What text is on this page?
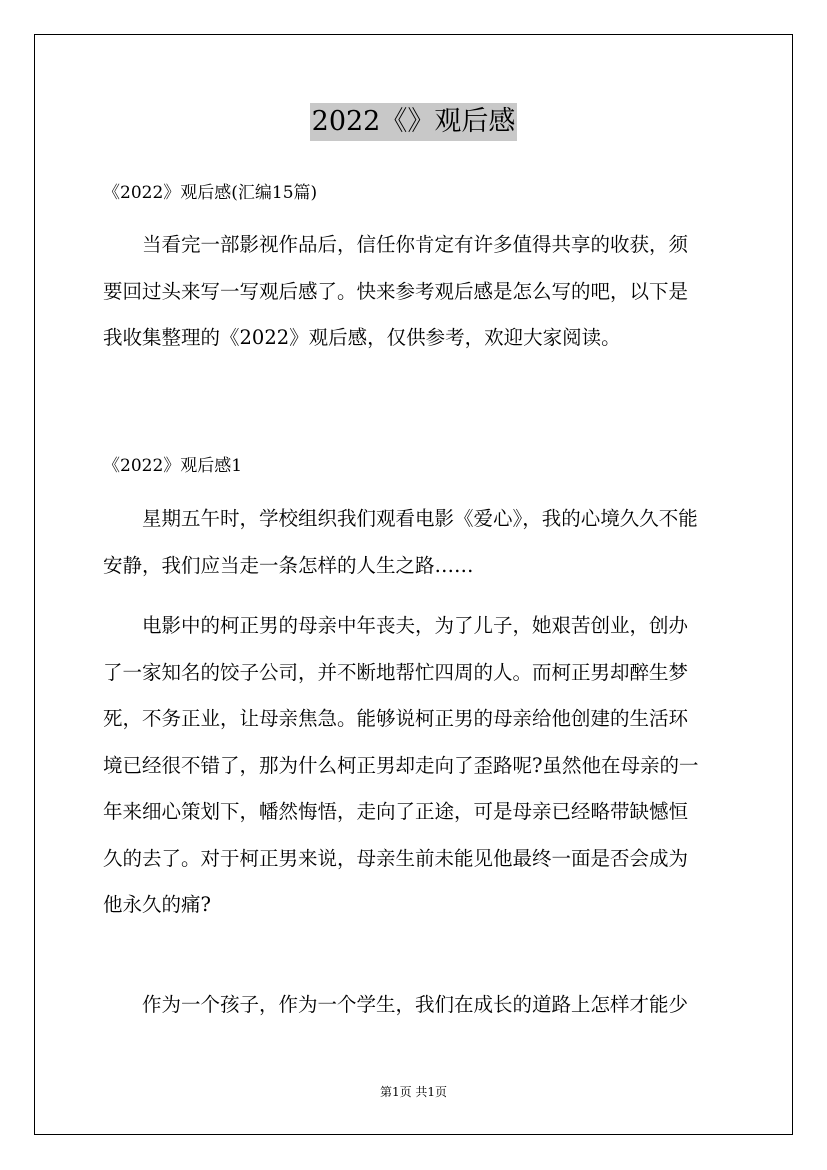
2022《》观后感
《2022》观后感(汇编15篇)
当看完一部影视作品后，信任你肯定有许多值得共享的收获，须
要回过头来写一写观后感了。快来参考观后感是怎么写的吧，以下是
我收集整理的《2022》观后感，仅供参考，欢迎大家阅读。
《2022》观后感1
星期五午时，学校组织我们观看电影《爱心》，我的心境久久不能
安静，我们应当走一条怎样的人生之路……
电影中的柯正男的母亲中年丧夫，为了儿子，她艰苦创业，创办
了一家知名的饺子公司，并不断地帮忙四周的人。而柯正男却醉生梦
死，不务正业，让母亲焦急。能够说柯正男的母亲给他创建的生活环
境已经很不错了，那为什么柯正男却走向了歪路呢?虽然他在母亲的一
年来细心策划下，幡然悔悟，走向了正途，可是母亲已经略带缺憾恒
久的去了。对于柯正男来说，母亲生前未能见他最终一面是否会成为
他永久的痛?
作为一个孩子，作为一个学生，我们在成长的道路上怎样才能少
第1页 共1页
